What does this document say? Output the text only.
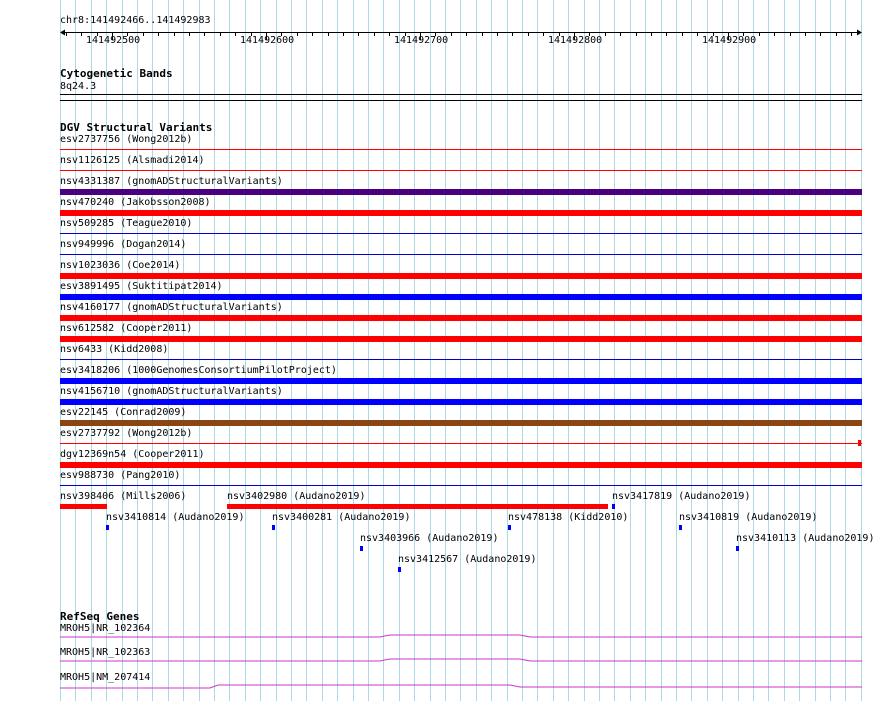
chr8:141492466..141492983
141492500	141492600	141492700	141492800	141492900
Cytogenetic Bands
8q24.3
DGV Structural Variants
esv2737756 (Wong2012b)
nsv1126125 (Alsmadi2014)
nsv4331387 (gnomADStructuralVariants)
nsv470240 (Jakobsson2008)
nsv509285 (Teague2010)
nsv949996 (Dogan2014)
nsv1023036 (Coe2014)
esv3891495 (Suktitipat2014)
nsv4160177 (gnomADStructuralVariants)
nsv612582 (Cooper2011)
nsv6433 (Kidd2008)
esv3418206 (1000GenomesConsortiumPilotProject)
nsv4156710 (gnomADStructuralVariants)
esv22145 (Conrad2009)
esv2737792 (Wong2012b)
dgv12369n54 (Cooper2011)
esv988730 (Pang2010)
nsv398406 (Mills2006)	nsv3402980 (Audano2019)	nsv3417819 (Audano2019)
nsv3410814 (Audano2019)	nsv3400281 (Audano2019)	nsv478138 (Kidd2010)	nsv3410819 (Audano2019)
nsv3403966 (Audano2019)	nsv3410113 (Audano2019)
nsv3412567 (Audano2019)
RefSeq Genes
MROH5|NR_102364
MROH5|NR_102363
MROH5|NM_207414
